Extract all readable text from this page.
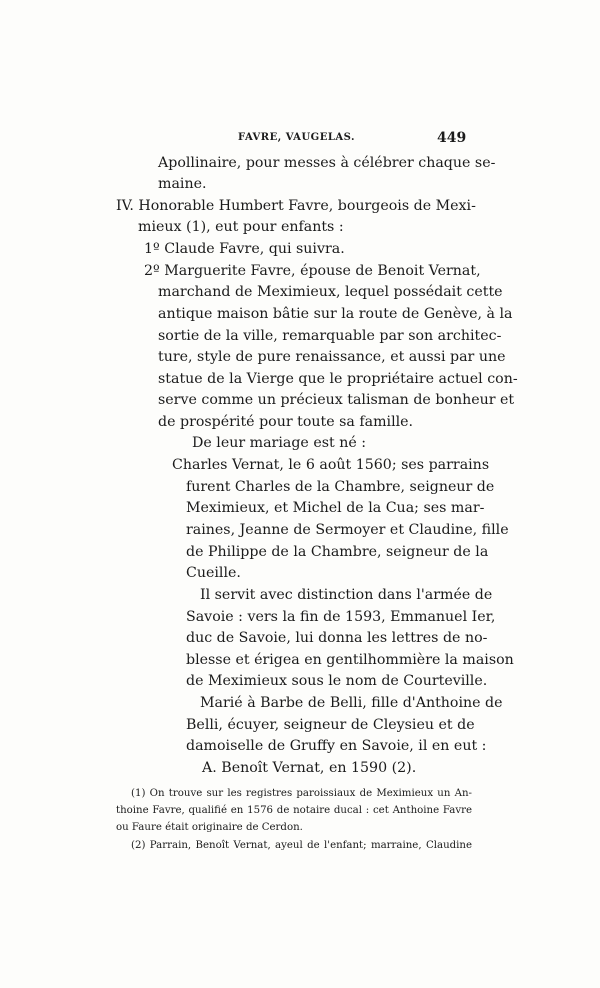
FAVRE, VAUGELAS.	449
Apollinaire, pour messes à célébrer chaque se-
maine.
IV. Honorable Humbert Favre, bourgeois de Mexi-
mieux (1), eut pour enfants :
1º Claude Favre, qui suivra.
2º Marguerite Favre, épouse de Benoit Vernat,
marchand de Meximieux, lequel possédait cette
antique maison bâtie sur la route de Genève, à la
sortie de la ville, remarquable par son architec-
ture, style de pure renaissance, et aussi par une
statue de la Vierge que le propriétaire actuel con-
serve comme un précieux talisman de bonheur et
de prospérité pour toute sa famille.
De leur mariage est né :
Charles Vernat, le 6 août 1560; ses parrains
furent Charles de la Chambre, seigneur de
Meximieux, et Michel de la Cua; ses mar-
raines, Jeanne de Sermoyer et Claudine, fille
de Philippe de la Chambre, seigneur de la
Cueille.
Il servit avec distinction dans l'armée de
Savoie : vers la fin de 1593, Emmanuel Ier,
duc de Savoie, lui donna les lettres de no-
blesse et érigea en gentilhommière la maison
de Meximieux sous le nom de Courteville.
Marié à Barbe de Belli, fille d'Anthoine de
Belli, écuyer, seigneur de Cleysieu et de
damoiselle de Gruffy en Savoie, il en eut :
A. Benoît Vernat, en 1590 (2).
(1) On trouve sur les registres paroissiaux de Meximieux un An-
thoine Favre, qualifié en 1576 de notaire ducal : cet Anthoine Favre
ou Faure était originaire de Cerdon.
(2) Parrain, Benoît Vernat, ayeul de l'enfant; marraine, Claudine
